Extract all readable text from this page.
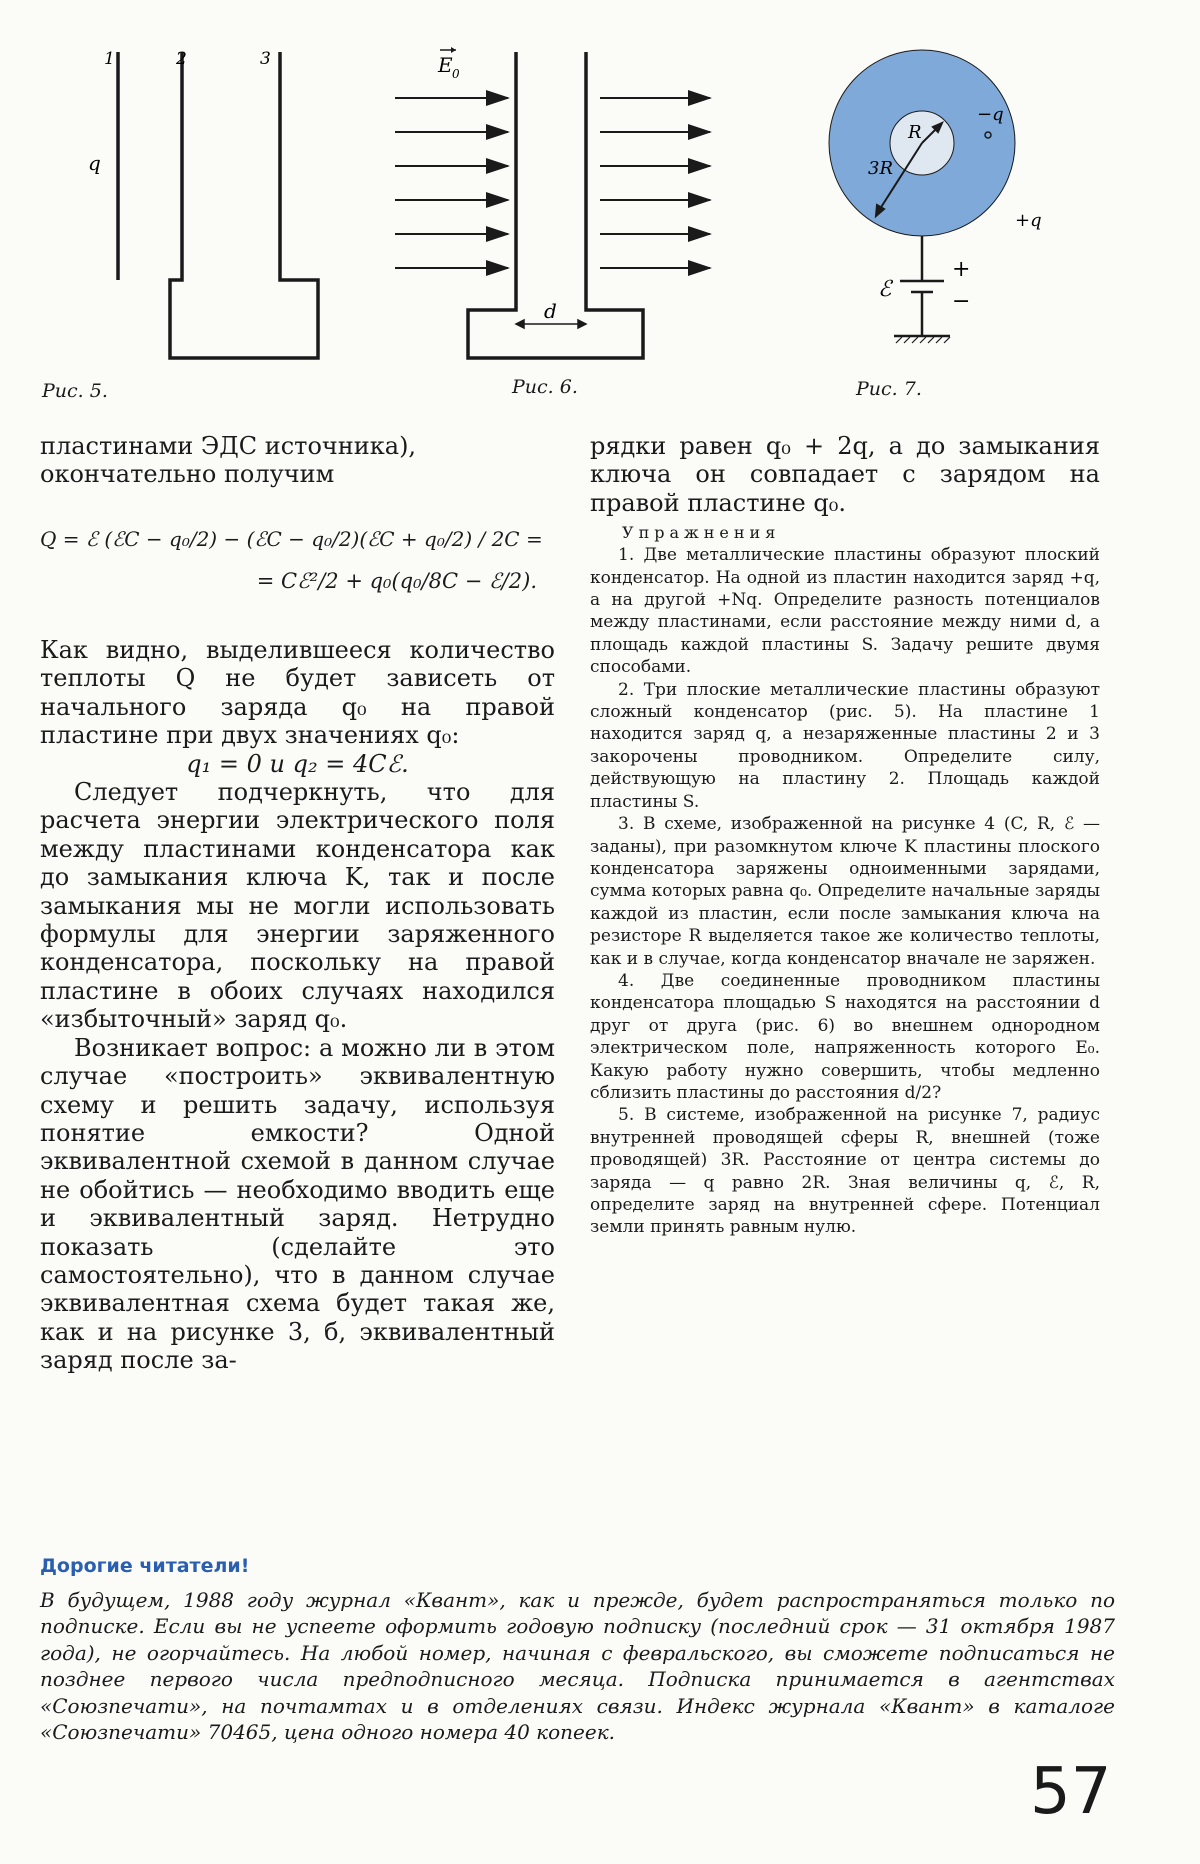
1	2	3
q
Рис. 5.
d
E 0
Рис. 6.
R
3R
−q
+q
ℰ
+
−
Рис. 7.

пластинами ЭДС источника), окончательно получим

Q = ℰ (ℰC − q₀/2) − (ℰC − q₀/2)(ℰC + q₀/2) / 2C =
= Cℰ²/2 + q₀(q₀/8C − ℰ/2).

Как видно, выделившееся количество теплоты Q не будет зависеть от начального заряда q₀ на правой пластине при двух значениях q₀:

q₁ = 0 и q₂ = 4Cℰ.

Следует подчеркнуть, что для расчета энергии электрического поля между пластинами конденсатора как до замыкания ключа K, так и после замыкания мы не могли использовать формулы для энергии заряженного конденсатора, поскольку на правой пластине в обоих случаях находился «избыточный» заряд q₀.

Возникает вопрос: а можно ли в этом случае «построить» эквивалентную схему и решить задачу, используя понятие емкости? Одной эквивалентной схемой в данном случае не обойтись — необходимо вводить еще и эквивалентный заряд. Нетрудно показать (сделайте это самостоятельно), что в данном случае эквивалентная схема будет такая же, как и на рисунке 3, б, эквивалентный заряд после за-

рядки равен q₀ + 2q, а до замыкания ключа он совпадает с зарядом на правой пластине q₀.

Упражнения

1. Две металлические пластины образуют плоский конденсатор. На одной из пластин находится заряд +q, а на другой +Nq. Определите разность потенциалов между пластинами, если расстояние между ними d, а площадь каждой пластины S. Задачу решите двумя способами.

2. Три плоские металлические пластины образуют сложный конденсатор (рис. 5). На пластине 1 находится заряд q, а незаряженные пластины 2 и 3 закорочены проводником. Определите силу, действующую на пластину 2. Площадь каждой пластины S.

3. В схеме, изображенной на рисунке 4 (C, R, ℰ — заданы), при разомкнутом ключе K пластины плоского конденсатора заряжены одноименными зарядами, сумма которых равна q₀. Определите начальные заряды каждой из пластин, если после замыкания ключа на резисторе R выделяется такое же количество теплоты, как и в случае, когда конденсатор вначале не заряжен.

4. Две соединенные проводником пластины конденсатора площадью S находятся на расстоянии d друг от друга (рис. 6) во внешнем однородном электрическом поле, напряженность которого E₀. Какую работу нужно совершить, чтобы медленно сблизить пластины до расстояния d/2?

5. В системе, изображенной на рисунке 7, радиус внутренней проводящей сферы R, внешней (тоже проводящей) 3R. Расстояние от центра системы до заряда — q равно 2R. Зная величины q, ℰ, R, определите заряд на внутренней сфере. Потенциал земли принять равным нулю.

Дорогие читатели!

В будущем, 1988 году журнал «Квант», как и прежде, будет распространяться только по подписке. Если вы не успеете оформить годовую подписку (последний срок — 31 октября 1987 года), не огорчайтесь. На любой номер, начиная с февральского, вы сможете подписаться не позднее первого числа предподписного месяца. Подписка принимается в агентствах «Союзпечати», на почтамтах и в отделениях связи. Индекс журнала «Квант» в каталоге «Союзпечати» 70465, цена одного номера 40 копеек.

57
